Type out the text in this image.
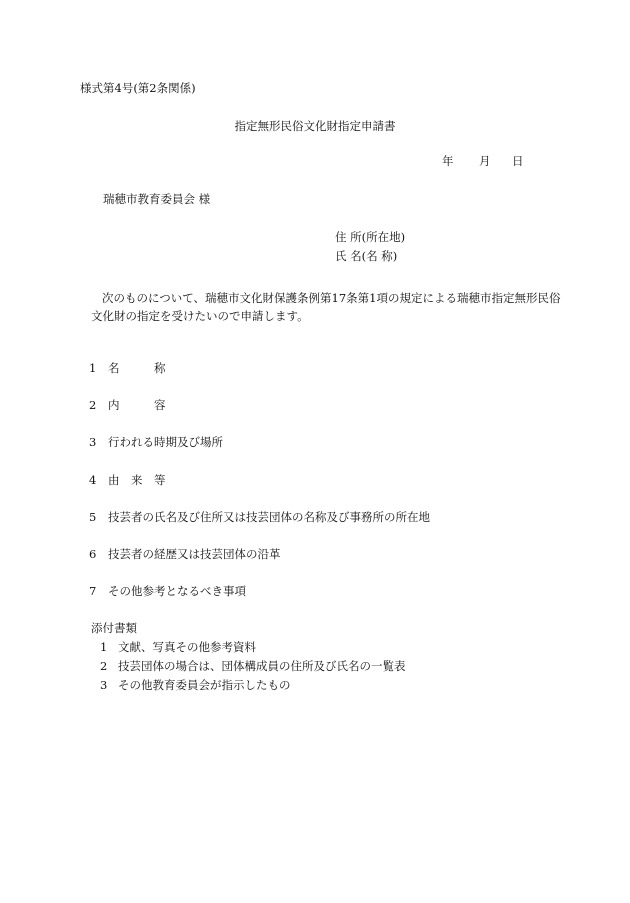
様式第4号(第2条関係)
指定無形民俗文化財指定申請書
年 月 日
瑞穂市教育委員会 様
住 所(所在地)
氏 名(名 称)
次のものについて、瑞穂市文化財保護条例第17条第1項の規定による瑞穂市指定無形民俗文化財の指定を受けたいので申請します。
1 名　　　称
2 内　　　容
3 行われる時期及び場所
4 由　来　等
5 技芸者の氏名及び住所又は技芸団体の名称及び事務所の所在地
6 技芸者の経歴又は技芸団体の沿革
7 その他参考となるべき事項
添付書類
1 文献、写真その他参考資料
2 技芸団体の場合は、団体構成員の住所及び氏名の一覧表
3 その他教育委員会が指示したもの
